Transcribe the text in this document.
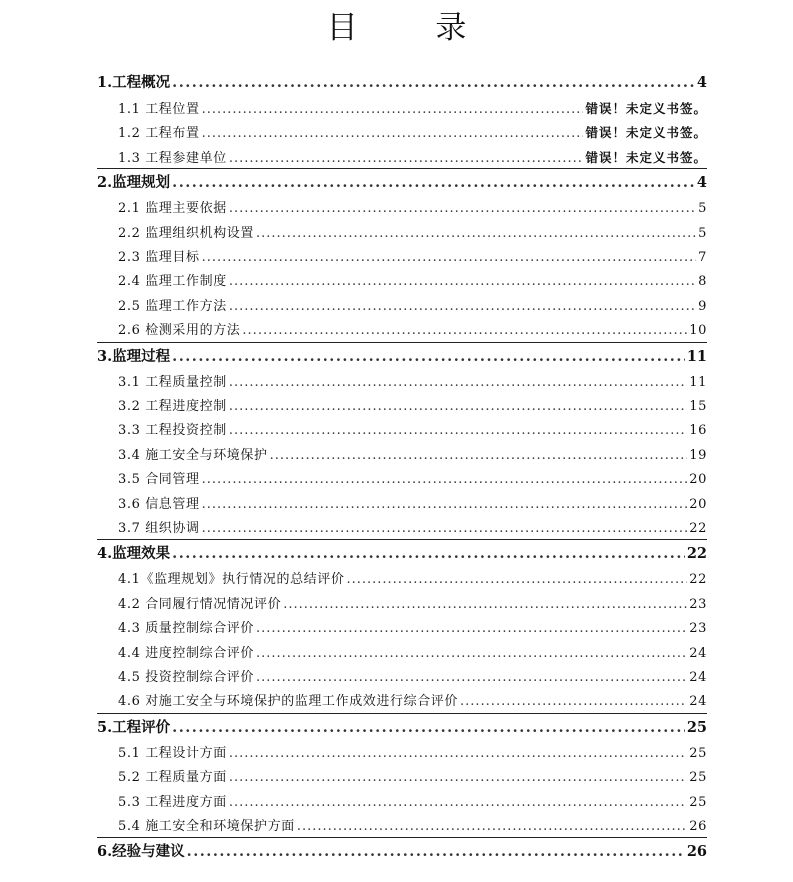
目 录
1.工程概况 .....	4
1.1 工程位置 .....	错误！未定义书签。
1.2 工程布置 .....	错误！未定义书签。
1.3 工程参建单位 .....	错误！未定义书签。
2.监理规划 .....	4
2.1 监理主要依据 .....	5
2.2 监理组织机构设置 .....	5
2.3 监理目标 .....	7
2.4 监理工作制度 .....	8
2.5 监理工作方法 .....	9
2.6 检测采用的方法 .....	10
3.监理过程 .....	11
3.1 工程质量控制 .....	11
3.2 工程进度控制 .....	15
3.3 工程投资控制 .....	16
3.4 施工安全与环境保护 .....	19
3.5 合同管理 .....	20
3.6 信息管理 .....	20
3.7 组织协调 .....	22
4.监理效果 .....	22
4.1《监理规划》执行情况的总结评价 .....	22
4.2 合同履行情况情况评价 .....	23
4.3 质量控制综合评价 .....	23
4.4 进度控制综合评价 .....	24
4.5 投资控制综合评价 .....	24
4.6 对施工安全与环境保护的监理工作成效进行综合评价 .....	24
5.工程评价 .....	25
5.1 工程设计方面 .....	25
5.2 工程质量方面 .....	25
5.3 工程进度方面 .....	25
5.4 施工安全和环境保护方面 .....	26
6.经验与建议 .....	26
